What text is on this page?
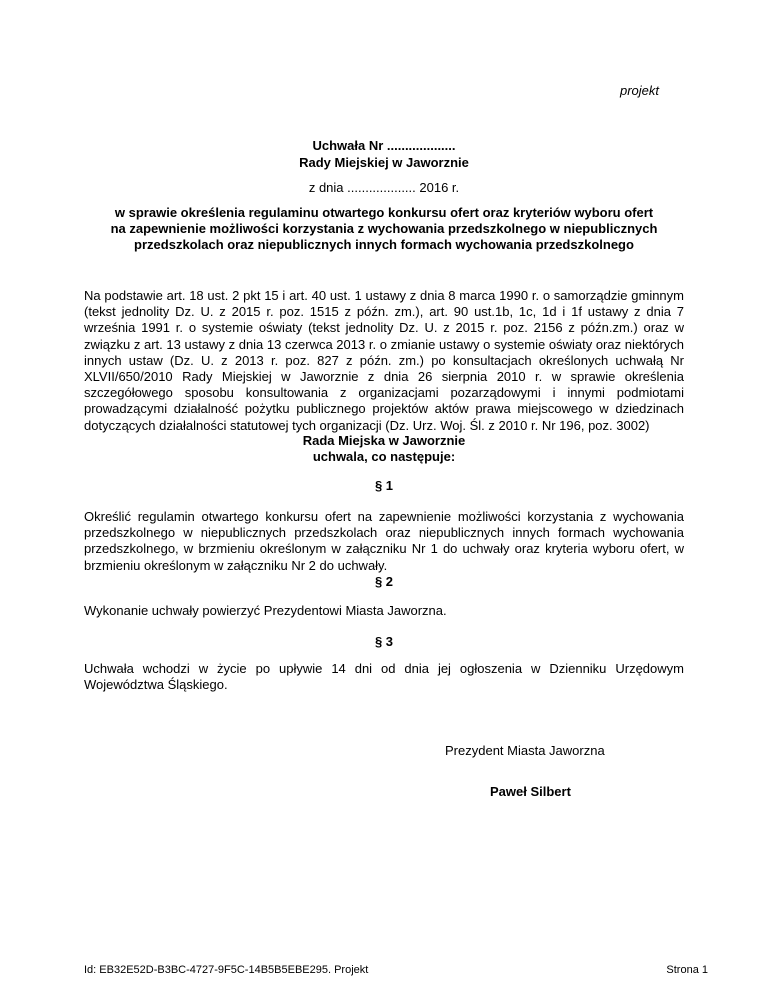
projekt
Uchwała Nr ...................
Rady Miejskiej w Jaworznie
z dnia ................... 2016 r.
w sprawie określenia regulaminu otwartego konkursu ofert oraz kryteriów wyboru ofert
na zapewnienie możliwości korzystania z wychowania przedszkolnego w niepublicznych
przedszkolach oraz niepublicznych innych formach wychowania przedszkolnego
Na podstawie art. 18 ust. 2 pkt 15 i art. 40 ust. 1 ustawy z dnia 8 marca 1990 r. o samorządzie gminnym (tekst jednolity Dz. U. z 2015 r. poz. 1515 z późn. zm.), art. 90 ust.1b, 1c, 1d i 1f ustawy z dnia 7 września 1991 r. o systemie oświaty (tekst jednolity Dz. U. z 2015 r. poz. 2156 z późn.zm.) oraz w związku z art. 13 ustawy z dnia 13 czerwca 2013 r. o zmianie ustawy o systemie oświaty oraz niektórych innych ustaw (Dz. U. z 2013 r. poz. 827 z późn. zm.) po konsultacjach określonych uchwałą Nr XLVII/650/2010 Rady Miejskiej w Jaworznie z dnia 26 sierpnia 2010 r. w sprawie określenia szczegółowego sposobu konsultowania z organizacjami pozarządowymi i innymi podmiotami prowadzącymi działalność pożytku publicznego projektów aktów prawa miejscowego w dziedzinach dotyczących działalności statutowej tych organizacji (Dz. Urz. Woj. Śl. z 2010 r. Nr 196, poz. 3002)
Rada Miejska w Jaworznie
uchwala, co następuje:
§ 1
Określić regulamin otwartego konkursu ofert na zapewnienie możliwości korzystania z wychowania przedszkolnego w niepublicznych przedszkolach oraz niepublicznych innych formach wychowania przedszkolnego, w brzmieniu określonym w załączniku Nr 1 do uchwały oraz kryteria wyboru ofert, w brzmieniu określonym w załączniku Nr 2 do uchwały.
§ 2
Wykonanie uchwały powierzyć Prezydentowi Miasta Jaworzna.
§ 3
Uchwała wchodzi w życie po upływie 14 dni od dnia jej ogłoszenia w Dzienniku Urzędowym Województwa Śląskiego.
Prezydent Miasta Jaworzna
Paweł Silbert
Id: EB32E52D-B3BC-4727-9F5C-14B5B5EBE295. Projekt	Strona 1
